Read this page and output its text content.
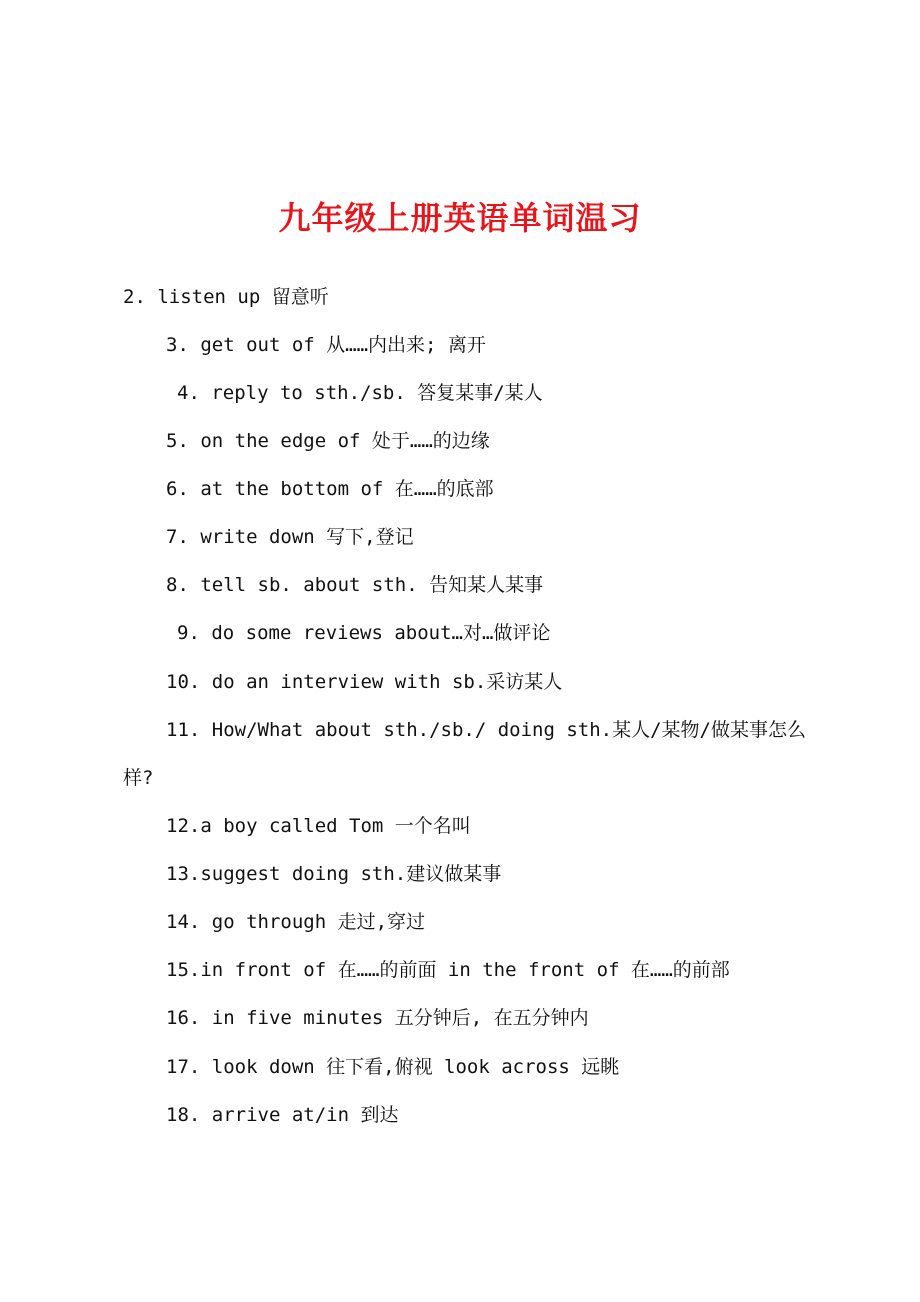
九年级上册英语单词温习
2. listen up 留意听
3. get out of 从……内出来; 离开
4. reply to sth./sb. 答复某事/某人
5. on the edge of 处于……的边缘
6. at the bottom of 在……的底部
7. write down 写下,登记
8. tell sb. about sth. 告知某人某事
9. do some reviews about…对…做评论
10. do an interview with sb.采访某人
11. How/What about sth./sb./ doing sth.某人/某物/做某事怎么
样?
12.a boy called Tom 一个名叫
13.suggest doing sth.建议做某事
14. go through 走过,穿过
15.in front of 在……的前面 in the front of 在……的前部
16. in five minutes 五分钟后, 在五分钟内
17. look down 往下看,俯视 look across 远眺
18. arrive at/in 到达
